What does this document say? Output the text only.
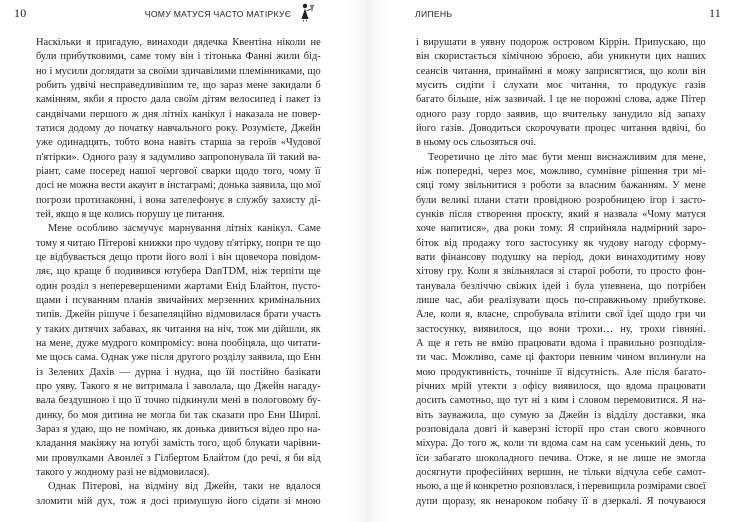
10	ЧОМУ МАТУСЯ ЧАСТО МАТІРКУЄ	ЛИПЕНЬ	11
Наскільки я пригадую, винаходи дядечка Квентіна ніколи не
були прибутковими, саме тому він і тітонька Фанні жили бід-
но і мусили доглядати за своїми здичавілими племінниками, що
робить удвічі несправедливішим те, що зараз мене закидали б
камінням, якби я просто дала своїм дітям велосипед і пакет із
сандвічами першого ж дня літніх канікул і наказала не повер-
татися додому до початку навчального року. Розумієте, Джейн
уже одинадцять, тобто вона навіть старша за героїв «Чудової
п'ятірки». Одного разу я задумливо запропонувала їй такий ва-
ріант, саме посеред нашої чергової сварки щодо того, чому її
досі не можна вести акаунт в інстаграмі; донька заявила, що мої
погрози протизаконні, і вона зателефонує в службу захисту ді-
тей, якщо я ще колись порушу це питання.
Мене особливо засмучує марнування літніх канікул. Саме
тому я читаю Пітерові книжки про чудову п'ятірку, попри те що
це відбувається дещо проти його волі і він щовечора повідом-
ляє, що краще б подивився ютубера DanTDM, ніж терпіти ще
один розділ з неперевершеними жартами Енід Блайтон, пусто-
щами і псуванням планів звичайних мерзенних кримінальних
типів. Джейн рішуче і безапеляційно відмовилася брати участь
у таких дитячих забавах, як читання на ніч, тож ми дійшли, як
на мене, дуже мудрого компромісу: вона пообіцяла, що читати-
ме щось сама. Однак уже після другого розділу заявила, що Енн
із Зелених Дахів — дурна і нудна, що їй постійно базікати
про уяву. Такого я не витримала і заволала, що Джейн нагаду-
вала бездушною і що її точно підкинули мені в пологовому бу-
динку, бо моя дитина не могла би так сказати про Енн Ширлі.
Зараз я удаю, що не помічаю, як донька дивиться відео про на-
кладання макіяжу на ютубі замість того, щоб блукати чарівни-
ми провулками Авонлеї з Гілбертом Блайтом (до речі, я би від
такого у жодному разі не відмовилася).
Однак Пітерові, на відміну від Джейн, таки не вдалося
зломити мій дух, тож я досі примушую його сідати зі мною
і вирушати в уявну подорож островом Кіррін. Припускаю, що
він скористається хімічною зброєю, аби уникнути цих наших
сеансів читання, принаймні я можу заприсягтися, що коли він
мусить сидіти і слухати моє читання, то продукує газів
багато більше, ніж зазвичай. І це не порожні слова, адже Пітер
одного разу гордо заявив, що вчительку занудило від запаху
його газів. Доводиться скорочувати процес читання вдвічі, бо
в ньому ось сльозяться очі.
Теоретично це літо має бути менш виснажливим для мене,
ніж попередні, через моє, можливо, сумнівне рішення три мі-
сяці тому звільнитися з роботи за власним бажанням. У мене
були великі плани стати провідною розробницею ігор і засто-
сунків після створення проєкту, який я назвала «Чому матуся
хоче напитися», два роки тому. Я сприйняла надмірний заро-
біток від продажу того застосунку як чудову нагоду сформу-
вати фінансову подушку на період, доки винаходитиму нову
хітову гру. Коли я звільнялася зі старої роботи, то просто фон-
танувала безліччю свіжих ідей і була упевнена, що потрібен
лише час, аби реалізувати щось по-справжньому прибуткове.
Але, коли я, власне, спробувала втілити свої ідеї щодо гри чи
застосунку, виявилося, що вони трохи… ну, трохи гівняні.
А ще я геть не вмію працювати вдома і правильно розподіля-
ти час. Можливо, саме ці фактори певним чином вплинули на
мою продуктивність, точніше її відсутність. Але після багато-
річних мрій утекти з офісу виявилося, що вдома працювати
досить самотньо, що тут ні з ким і словом перемовитися. Я на-
віть зауважила, що сумую за Джейн із відділу доставки, яка
розповідала довгі й каверзні історії про стан свого жовчного
міхура. До того ж, коли ти вдома сам на сам усенький день, то
їси забагато шоколадного печива. Отже, я не лише не змогла
досягнути професійних вершин, не тільки відчула себе самот-
ньою, а ще й конкретно розповзлася, і перевищила розмірами своєї
дупи щоразу, як ненароком побачу її в дзеркалі. Я почуваюся
